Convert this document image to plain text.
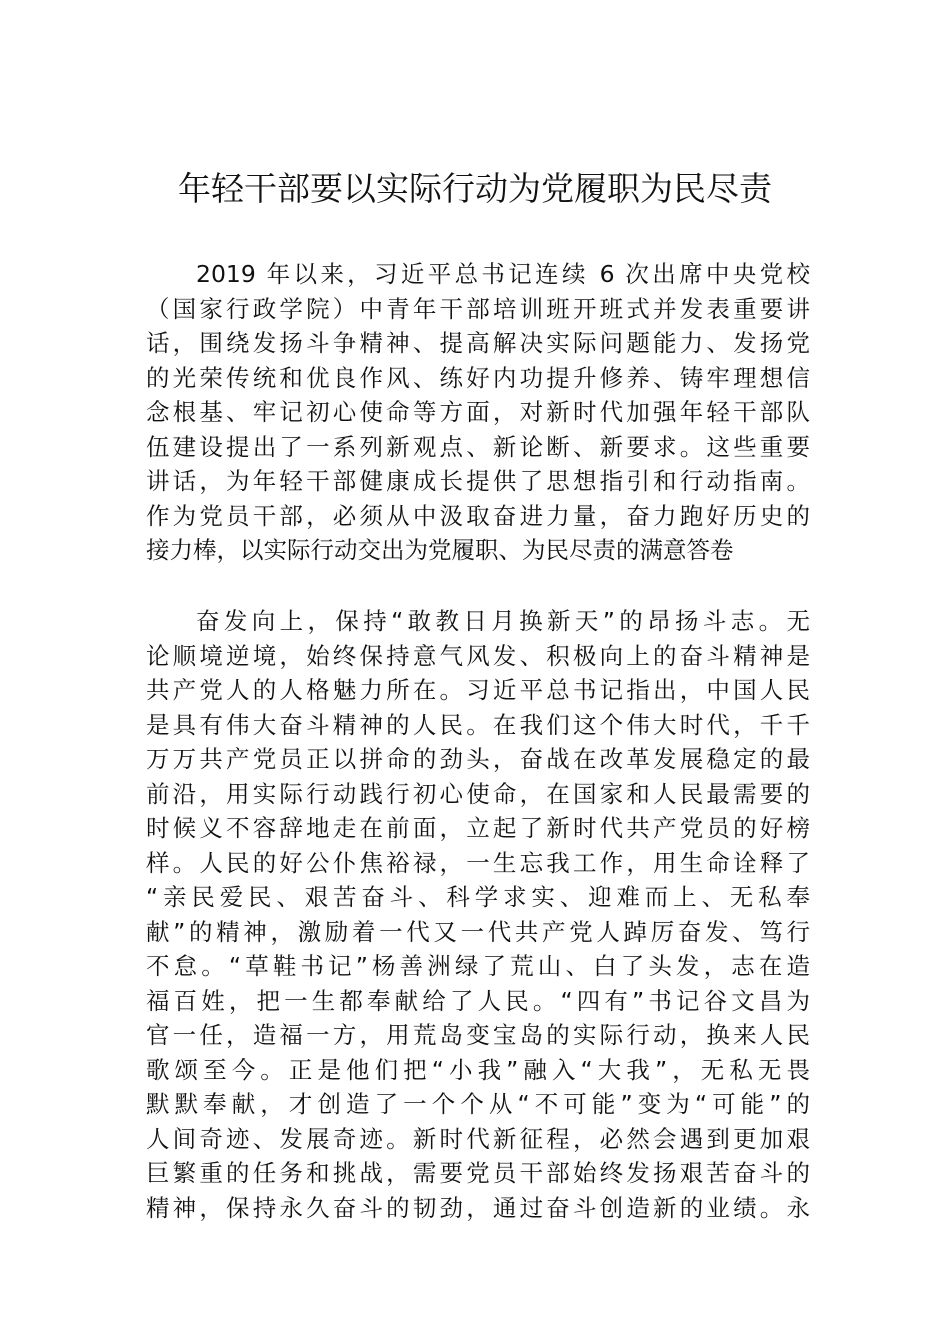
年轻干部要以实际行动为党履职为民尽责
2019 年以来，习近平总书记连续 6 次出席中央党校
（国家行政学院）中青年干部培训班开班式并发表重要讲
话，围绕发扬斗争精神、提高解决实际问题能力、发扬党
的光荣传统和优良作风、练好内功提升修养、铸牢理想信
念根基、牢记初心使命等方面，对新时代加强年轻干部队
伍建设提出了一系列新观点、新论断、新要求。这些重要
讲话，为年轻干部健康成长提供了思想指引和行动指南。
作为党员干部，必须从中汲取奋进力量，奋力跑好历史的
接力棒，以实际行动交出为党履职、为民尽责的满意答卷
奋发向上，保持“敢教日月换新天”的昂扬斗志。无
论顺境逆境，始终保持意气风发、积极向上的奋斗精神是
共产党人的人格魅力所在。习近平总书记指出，中国人民
是具有伟大奋斗精神的人民。在我们这个伟大时代，千千
万万共产党员正以拼命的劲头，奋战在改革发展稳定的最
前沿，用实际行动践行初心使命，在国家和人民最需要的
时候义不容辞地走在前面，立起了新时代共产党员的好榜
样。人民的好公仆焦裕禄，一生忘我工作，用生命诠释了
“亲民爱民、艰苦奋斗、科学求实、迎难而上、无私奉
献”的精神，激励着一代又一代共产党人踔厉奋发、笃行
不怠。“草鞋书记”杨善洲绿了荒山、白了头发，志在造
福百姓，把一生都奉献给了人民。“四有”书记谷文昌为
官一任，造福一方，用荒岛变宝岛的实际行动，换来人民
歌颂至今。正是他们把“小我”融入“大我”，无私无畏
默默奉献，才创造了一个个从“不可能”变为“可能”的
人间奇迹、发展奇迹。新时代新征程，必然会遇到更加艰
巨繁重的任务和挑战，需要党员干部始终发扬艰苦奋斗的
精神，保持永久奋斗的韧劲，通过奋斗创造新的业绩。永
